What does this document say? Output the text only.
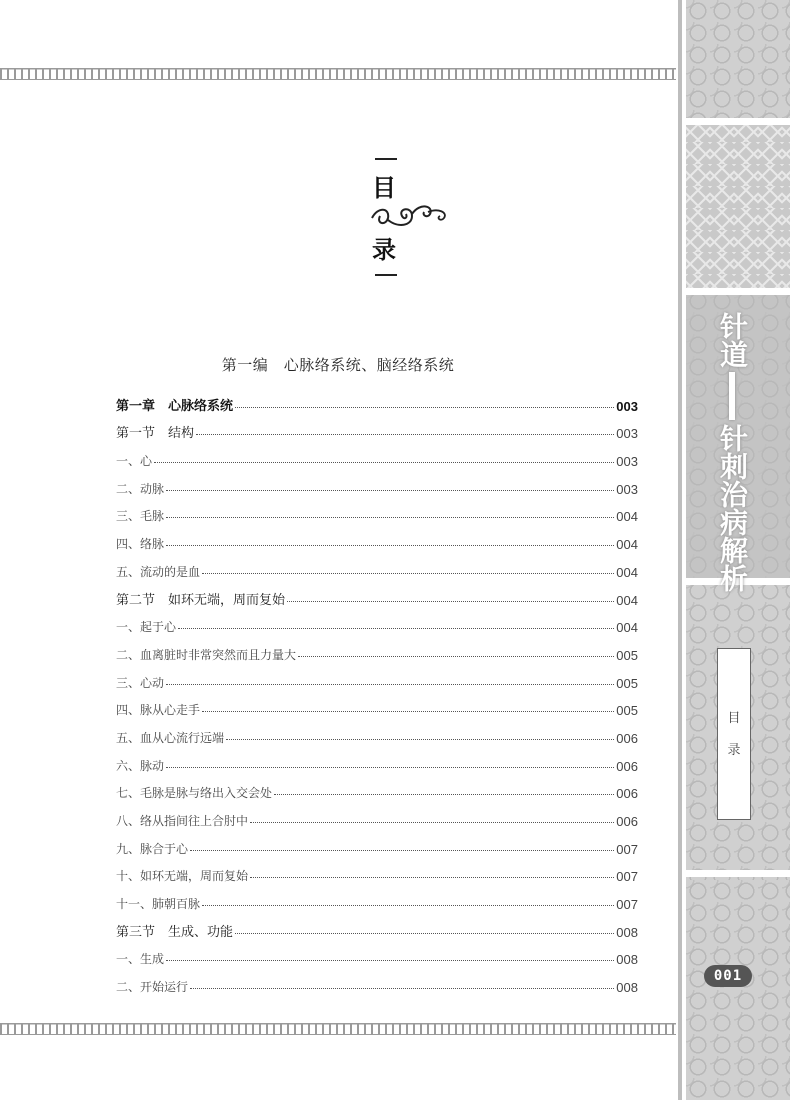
目
录
第一编　心脉络系统、脑经络系统
第一章　心脉络系统	003
第一节　结构	003
一、心	003
二、动脉	003
三、毛脉	004
四、络脉	004
五、流动的是血	004
第二节　如环无端，周而复始	004
一、起于心	004
二、血离脏时非常突然而且力量大	005
三、心动	005
四、脉从心走手	005
五、血从心流行远端	006
六、脉动	006
七、毛脉是脉与络出入交会处	006
八、络从指间往上合肘中	006
九、脉合于心	007
十、如环无端，周而复始	007
十一、肺朝百脉	007
第三节　生成、功能	008
一、生成	008
二、开始运行	008
针道
针刺治病解析
目
录
001
